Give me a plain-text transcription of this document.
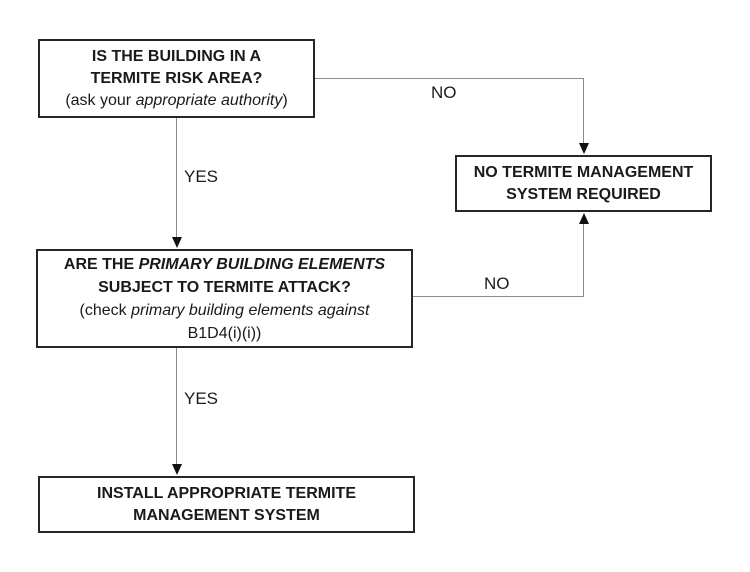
IS THE BUILDING IN A
TERMITE RISK AREA?
(ask your appropriate authority)
NO TERMITE MANAGEMENT
SYSTEM REQUIRED
ARE THE PRIMARY BUILDING ELEMENTS
SUBJECT TO TERMITE ATTACK?
(check primary building elements against
B1D4(i)(i))
INSTALL APPROPRIATE TERMITE
MANAGEMENT SYSTEM
YES
NO
NO
YES
